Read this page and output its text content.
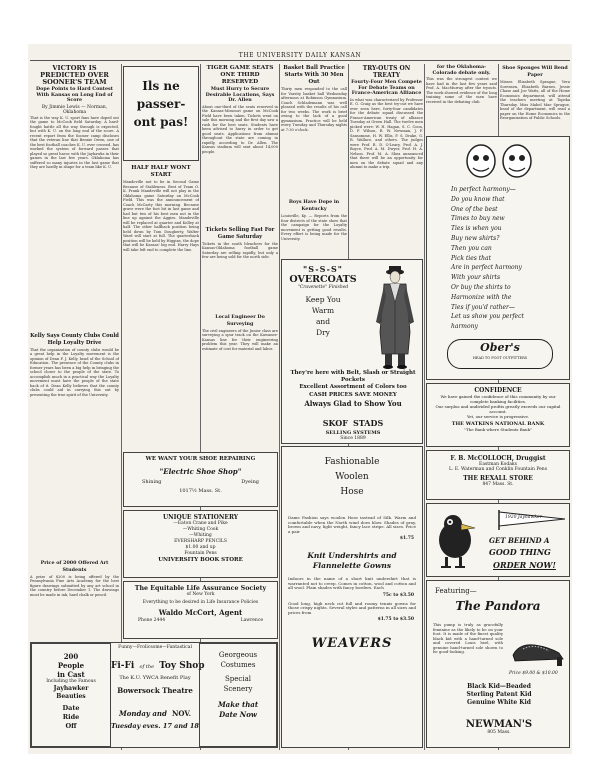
THE UNIVERSITY DAILY KANSAN
VICTORY IS PREDICTED OVER SOONER'S TEAM
Dope Points to Hard Contest With Kansas on Long End of Score
By Jimmie Lewis — Norman, Oklahoma
That is the way K. U. sport fans have doped out the game to McCook field Saturday. A hard-fought battle all the way through is expected, but with K. U. on the long end of the score. A recent report from the Sooner camp discloses that the veteran line that Bennie Owen, one of the best football coaches K. U. ever crossed, has worked the system of forward passes that played so great havoc with the Jayhawks in their games in the last few years. Oklahoma has suffered so many injuries in the last game that they are hardly in shape for a team like K. U.
Kelly Says County Clubs Could Help Loyalty Drive
That the organization of county clubs would be a great help in the Loyalty movement is the opinion of Dean F. J. Kelly, head of the School of Education. The presence of the County clubs in former years has been a big help in bringing the school closer to the people of the state. To accomplish much in a practical way the Loyalty movement must have the people of the state back of it. Dean Kelly believes that the county clubs could aid in carrying this out by presenting the true spirit of the University.
Price of 2000 Offered Art Students
A prize of $200 is being offered by the Pennsylvania Fine Arts Academy for the best figure drawings submitted by any art school in the country before December 1. The drawings must be made in ink, hard chalk or pencil.
Ils ne
passer-
ont pas!
HALF HALF WONT START
Mandeville not to be in Second Game Because of Stableness. Best of Team O. K. Frank Mandeville will not play in the Oklahoma game Saturday on McCook Field. This was the announcement of Coach McCarty this morning. Because grave were the foot hit in last game and had but two of his best men not in the line up against the Aggies. Mandeville will be replaced at quarter and Kelley at half. The other halfback position being held down by Tom Dougherty, Walter Ward will start at full. The quarterback position will be held by Higgins, the dope that will be Kansas' big end. Harry Hays will take left end to complete the line.
TIGER GAME SEATS ONE THIRD RESERVED
Must Hurry to Secure Desirable Locations, Says Dr. Allen
About one-third of the seats reserved in the Kansas-Missouri game on McCook Field have been taken. Tickets went on sale this morning and the first day saw a rush for the best seats. Students have been advised to hurry in order to get good seats. Applications from alumni throughout the state are coming in rapidly, according to Dr. Allen. The Kansas stadium will seat about 14,000 people.
Tickets Selling Fast For Game Saturday
Tickets in the south bleachers for the Kansas-Oklahoma football game Saturday are selling rapidly, but only a few are being sold for the north side.
Local Engineer Do Surveying
The civil engineers of the Junior class are surveying a spur track on the Kawanee-Kansas line for their engineering problem this year. They will make an estimate of cost for material and labor.
Basket Ball Practice Starts With 30 Men Out
Thirty men responded to the call for Varsity basket ball Wednesday afternoon at Robinson Gymnasium. Coach Schlademann was well pleased with the results of his call for two weeks. The work is brief owing to the lack of a good gymnasium. Practice will be held every Tuesday and Thursday nights at 7:30 o'clock.
Boys Have Dope in Kentucky
Louisville, Ky. — Reports from the four districts of the state show that the campaign for the Loyalty movement is getting good results. Every effort is being made for the University.
TRY-OUTS ON TREATY
Fourty-Four Men Compete For Debate Teams on France-American Alliance
In what was characterized by Professor E. G. Craig as the best try-out we have ever seen here, forty-four candidates for the debate squad discussed the France-American treaty of alliance Tuesday at Green Hall. The twelve men picked were: W. H. Hagan, S. C. Coon, D. F. Wilson, R. W. Newman, J. F. Sansomme, H. W. Ellis, F. S. Drake, G. R. Wallace, and others. The judges were Prof. R. D. O'Leary, Prof. A. J. Boyce, Prof. A. M. Dwyer, Prof. H. A. Nelson. Prof. M. A. Shea announced that there will be an opportunity for men on the debate squad and any alumni to make a trip.
for the Oklahoma-Colorado debate only.
This was the strongest contest we have had in the last few years said Prof. A. MacMurray after the tryouts. The work showed evidence of the long training some of the men have received in the debating club.
Shoe Sponges Will Bend Paper
Misses Elizabeth Sprague, Vera Sorensen, Elizabeth Barnes, Jessie Chase and Joe Watts, all of the Home Economics department, will attend the teachers meeting at Topeka Thursday. Miss Mabel Mae Sprague, head of the department, will read a paper on the Home Economics in the Reorganization of Public Schools.
"S-S-S"
OVERCOATS
"Cravenette" Finished
Keep You
Warm
and
Dry
They're here with Belt, Slash or Straight Pockets
Excellent Assortment of Colors too
CASH PRICES SAVE MONEY
Always Glad to Show You
SKOF STADS
SELLING SYSTEMS
Since 1889
Fashionable
Woolen
Hose
Dame Fashion says woolen Hose instead of Silk. Warm and comfortable when the North wind does blow. Shades of gray, brown and navy, light weight, fancy lace stripe. All sizes. Price a pair
$1.75
Knit Undershirts and
Flannelette Gowns
Indoors in the name of a short knit undershirt that is warranted not to creep. Comes in cotton, wool and cotton and all wool. Plain shades with fancy borders. Each
75c to $3.50
Good long, high neck cut full and roomy tennis gowns for those crispy nights. Several styles and patterns in all sizes and prices from
$1.75 to $3.50
WEAVERS
WE WANT YOUR SHOE REPAIRING
"Electric Shoe Shop"
Shining	Dyeing
1017½ Mass. St.
UNIQUE STATIONERY
—Eaton Crane and Pike
—Whiting Cook
—Whiting
EVERSHARP PENCILS
$1.00 and up
Fountain Pens
UNIVERSITY BOOK STORE
The Equitable Life Assurance Society
of New York
Everything to be desired in Life Insurance Policies
Waldo McCort, Agent
Phone 2444	Lawrence
200
People
in Cast
Including the Famous
Jayhawker
Beauties
Date
Ride
Off
Funny—Frolicsome—Fantastical
Fi-Fi of the Toy Shop
The K.U. YWCA Benefit Play
Bowersock Theatre
Monday and NOV.
Tuesday eves. 17 and 18
Georgeous
Costumes
Special
Scenery
Make that
Date Now
In perfect harmony—
Do you know that
One of the best
Times to buy new
Ties is when you
Buy new shirts?
Then you can
Pick ties that
Are in perfect harmony
With your shirts
Or buy the shirts to
Harmonize with the
Ties if you'd rather—
Let us show you perfect
harmony
Ober's
HEAD TO FOOT OUTFITTERS
CONFIDENCE
We have gained the confidence of this community by our complete banking facilities.
Our surplus and undivided profits greatly exceeds our capital account.
Yet, our service is progressive.
THE WATKINS NATIONAL BANK
"The Bank where Students Bank"
F. B. McCOLLOCH, Druggist
Eastman Kodaks
L. E. Waterman and Conklin Fountain Pens
THE REXALL STORE
847 Mass. St.
1920 Jayhawker
GET BEHIND A
GOOD THING
ORDER NOW!
Featuring—
The Pandora
This pump is truly as gracefully feminine as the likely to be on your foot. It is made of the finest quality black kid with a hand-turned sole and covered Louis heel, with genuine hand-turned sole shown to be good-looking.
Price $9.00 & $10.00
Black Kid—Beaded
Sterling Patent Kid
Genuine White Kid
NEWMAN'S
805 Mass.
